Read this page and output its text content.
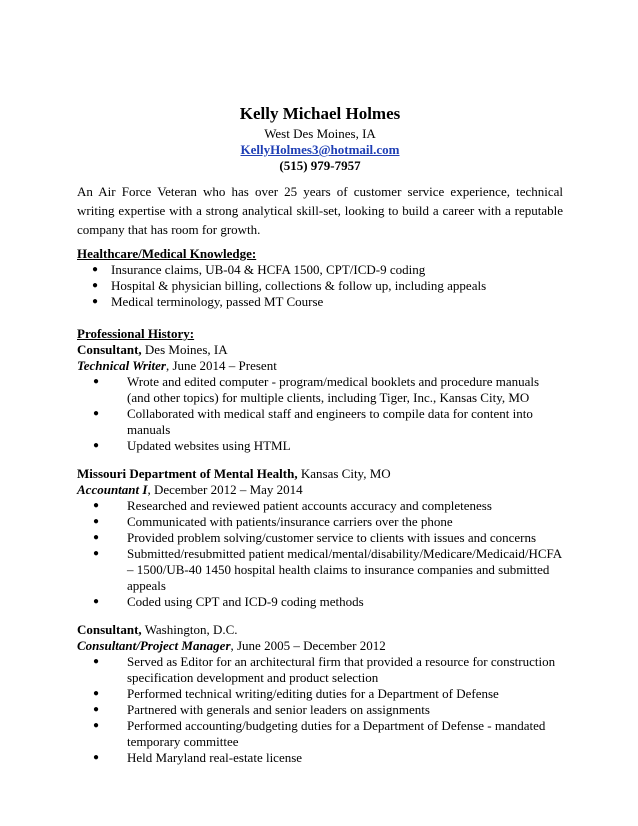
Kelly Michael Holmes
West Des Moines, IA
KellyHolmes3@hotmail.com
(515) 979-7957
An Air Force Veteran who has over 25 years of customer service experience, technical writing expertise with a strong analytical skill-set, looking to build a career with a reputable company that has room for growth.
Healthcare/Medical Knowledge:
● Insurance claims, UB-04 & HCFA 1500, CPT/ICD-9 coding
● Hospital & physician billing, collections & follow up, including appeals
● Medical terminology, passed MT Course
Professional History:
Consultant, Des Moines, IA
Technical Writer, June 2014 – Present
● Wrote and edited computer - program/medical booklets and procedure manuals (and other topics) for multiple clients, including Tiger, Inc., Kansas City, MO
● Collaborated with medical staff and engineers to compile data for content into manuals
● Updated websites using HTML
Missouri Department of Mental Health, Kansas City, MO
Accountant I, December 2012 – May 2014
● Researched and reviewed patient accounts accuracy and completeness
● Communicated with patients/insurance carriers over the phone
● Provided problem solving/customer service to clients with issues and concerns
● Submitted/resubmitted patient medical/mental/disability/Medicare/Medicaid/HCFA – 1500/UB-40 1450 hospital health claims to insurance companies and submitted appeals
● Coded using CPT and ICD-9 coding methods
Consultant, Washington, D.C.
Consultant/Project Manager, June 2005 – December 2012
● Served as Editor for an architectural firm that provided a resource for construction specification development and product selection
● Performed technical writing/editing duties for a Department of Defense
● Partnered with generals and senior leaders on assignments
● Performed accounting/budgeting duties for a Department of Defense - mandated temporary committee
● Held Maryland real-estate license
